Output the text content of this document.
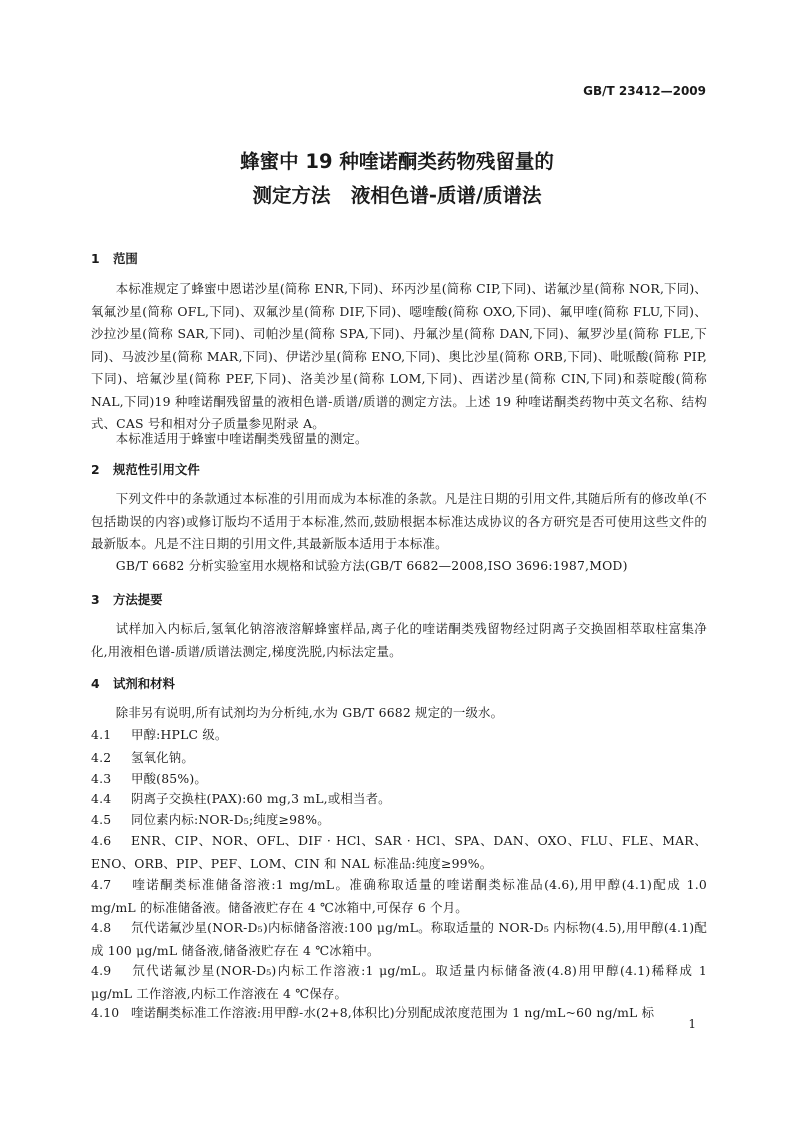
GB/T 23412—2009
蜂蜜中 19 种喹诺酮类药物残留量的
测定方法   液相色谱-质谱/质谱法
1 范围
本标准规定了蜂蜜中恩诺沙星(简称 ENR,下同)、环丙沙星(简称 CIP,下同)、诺氟沙星(简称 NOR,下同)、氧氟沙星(简称 OFL,下同)、双氟沙星(简称 DIF,下同)、噁喹酸(简称 OXO,下同)、氟甲喹(简称 FLU,下同)、沙拉沙星(简称 SAR,下同)、司帕沙星(简称 SPA,下同)、丹氟沙星(简称 DAN,下同)、氟罗沙星(简称 FLE,下同)、马波沙星(简称 MAR,下同)、伊诺沙星(简称 ENO,下同)、奥比沙星(简称 ORB,下同)、吡哌酸(简称 PIP,下同)、培氟沙星(简称 PEF,下同)、洛美沙星(简称 LOM,下同)、西诺沙星(简称 CIN,下同)和萘啶酸(简称 NAL,下同)19 种喹诺酮残留量的液相色谱-质谱/质谱的测定方法。上述 19 种喹诺酮类药物中英文名称、结构式、CAS 号和相对分子质量参见附录 A。
本标准适用于蜂蜜中喹诺酮类残留量的测定。
2 规范性引用文件
下列文件中的条款通过本标准的引用而成为本标准的条款。凡是注日期的引用文件,其随后所有的修改单(不包括勘误的内容)或修订版均不适用于本标准,然而,鼓励根据本标准达成协议的各方研究是否可使用这些文件的最新版本。凡是不注日期的引用文件,其最新版本适用于本标准。
GB/T 6682 分析实验室用水规格和试验方法(GB/T 6682—2008,ISO 3696:1987,MOD)
3 方法提要
试样加入内标后,氢氧化钠溶液溶解蜂蜜样品,离子化的喹诺酮类残留物经过阴离子交换固相萃取柱富集净化,用液相色谱-质谱/质谱法测定,梯度洗脱,内标法定量。
4 试剂和材料
除非另有说明,所有试剂均为分析纯,水为 GB/T 6682 规定的一级水。
4.1 甲醇:HPLC 级。
4.2 氢氧化钠。
4.3 甲酸(85%)。
4.4 阴离子交换柱(PAX):60 mg,3 mL,或相当者。
4.5 同位素内标:NOR-D₅;纯度≥98%。
4.6 ENR、CIP、NOR、OFL、DIF · HCl、SAR · HCl、SPA、DAN、OXO、FLU、FLE、MAR、ENO、ORB、PIP、PEF、LOM、CIN 和 NAL 标准品:纯度≥99%。
4.7 喹诺酮类标准储备溶液:1 mg/mL。准确称取适量的喹诺酮类标准品(4.6),用甲醇(4.1)配成 1.0 mg/mL 的标准储备液。储备液贮存在 4 ℃冰箱中,可保存 6 个月。
4.8 氘代诺氟沙星(NOR-D₅)内标储备溶液:100 μg/mL。称取适量的 NOR-D₅ 内标物(4.5),用甲醇(4.1)配成 100 μg/mL 储备液,储备液贮存在 4 ℃冰箱中。
4.9 氘代诺氟沙星(NOR-D₅)内标工作溶液:1 μg/mL。取适量内标储备液(4.8)用甲醇(4.1)稀释成 1 μg/mL 工作溶液,内标工作溶液在 4 ℃保存。
4.10 喹诺酮类标准工作溶液:用甲醇-水(2+8,体积比)分别配成浓度范围为 1 ng/mL~60 ng/mL 标
1
